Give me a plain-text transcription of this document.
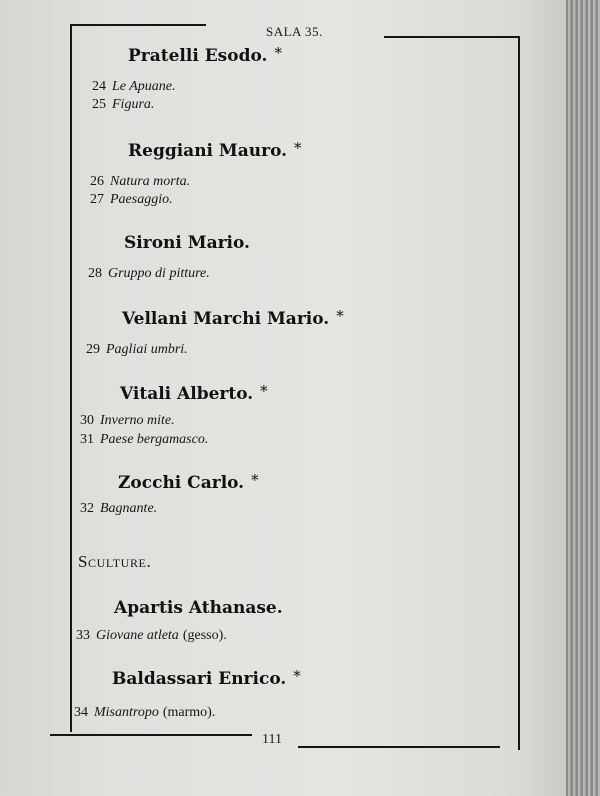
SALA 35.
Pratelli Esodo. *
24 Le Apuane.
25 Figura.
Reggiani Mauro. *
26 Natura morta.
27 Paesaggio.
Sironi Mario.
28 Gruppo di pitture.
Vellani Marchi Mario. *
29 Pagliai umbri.
Vitali Alberto. *
30 Inverno mite.
31 Paese bergamasco.
Zocchi Carlo. *
32 Bagnante.
Sculture.
Apartis Athanase.
33 Giovane atleta (gesso).
Baldassari Enrico. *
34 Misantropo (marmo).
111
